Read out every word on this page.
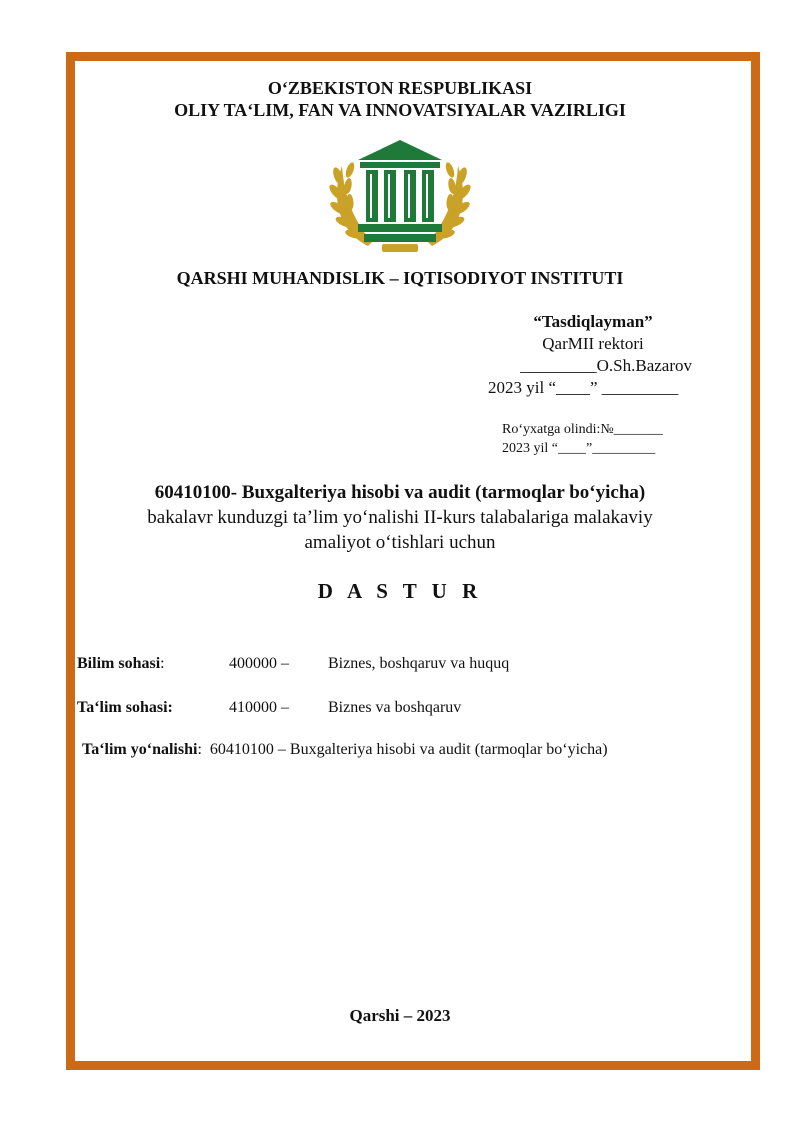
O‘ZBEKISTON RESPUBLIKASI
OLIY TA‘LIM, FAN VA INNOVATSIYALAR VAZIRLIGI
QARSHI MUHANDISLIK – IQTISODIYOT INSTITUTI
“Tasdiqlayman”
QarMII rektori
_________O.Sh.Bazarov
2023 yil “____” _________
Ro‘yxatga olindi:№_______
2023 yil “____”_________
60410100- Buxgalteriya hisobi va audit (tarmoqlar bo‘yicha)
bakalavr kunduzgi ta’lim yo‘nalishi II-kurs talabalariga malakaviy
amaliyot o‘tishlari uchun
D A S T U R
Bilim sohasi:	400000 – Biznes, boshqaruv va huquq
Ta‘lim sohasi:	410000 – Biznes va boshqaruv
Ta‘lim yo‘nalishi: 60410100 – Buxgalteriya hisobi va audit (tarmoqlar bo‘yicha)
Qarshi – 2023
